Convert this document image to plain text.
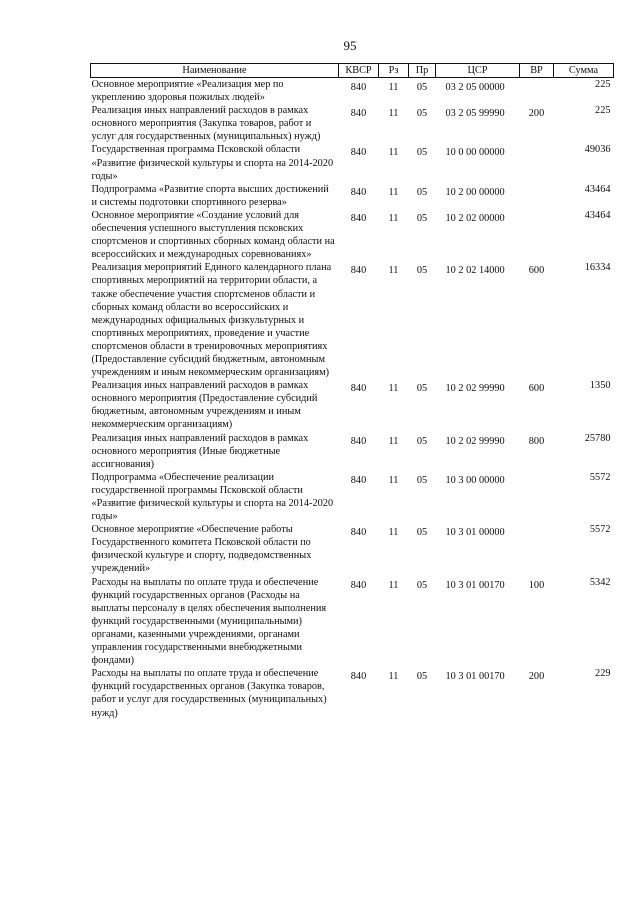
95
Наименование	КВСР	Рз	Пр	ЦСР	ВР	Сумма
Основное мероприятие «Реализация мер по укреплению здоровья пожилых людей»	840	11	05	03 2 05 00000		225
Реализация иных направлений расходов в рамках основного мероприятия (Закупка товаров, работ и услуг для государственных (муниципальных) нужд)	840	11	05	03 2 05 99990	200	225
Государственная программа Псковской области «Развитие физической культуры и спорта на 2014-2020 годы»	840	11	05	10 0 00 00000		49036
Подпрограмма «Развитие спорта высших достижений и системы подготовки спортивного резерва»	840	11	05	10 2 00 00000		43464
Основное мероприятие «Создание условий для обеспечения успешного выступления псковских спортсменов и спортивных сборных команд области на всероссийских и международных соревнованиях»	840	11	05	10 2 02 00000		43464
Реализация мероприятий Единого календарного плана спортивных мероприятий на территории области, а также обеспечение участия спортсменов области и сборных команд области во всероссийских и международных официальных физкультурных и спортивных мероприятиях, проведение и участие спортсменов области в тренировочных мероприятиях (Предоставление субсидий бюджетным, автономным учреждениям и иным некоммерческим организациям)	840	11	05	10 2 02 14000	600	16334
Реализация иных направлений расходов в рамках основного мероприятия (Предоставление субсидий бюджетным, автономным учреждениям и иным некоммерческим организациям)	840	11	05	10 2 02 99990	600	1350
Реализация иных направлений расходов в рамках основного мероприятия (Иные бюджетные ассигнования)	840	11	05	10 2 02 99990	800	25780
Подпрограмма «Обеспечение реализации государственной программы Псковской области «Развитие физической культуры и спорта на 2014-2020 годы»	840	11	05	10 3 00 00000		5572
Основное мероприятие «Обеспечение работы Государственного комитета Псковской области по физической культуре и спорту, подведомственных учреждений»	840	11	05	10 3 01 00000		5572
Расходы на выплаты по оплате труда и обеспечение функций государственных органов (Расходы на выплаты персоналу в целях обеспечения выполнения функций государственными (муниципальными) органами, казенными учреждениями, органами управления государственными внебюджетными фондами)	840	11	05	10 3 01 00170	100	5342
Расходы на выплаты по оплате труда и обеспечение функций государственных органов (Закупка товаров, работ и услуг для государственных (муниципальных) нужд)	840	11	05	10 3 01 00170	200	229
